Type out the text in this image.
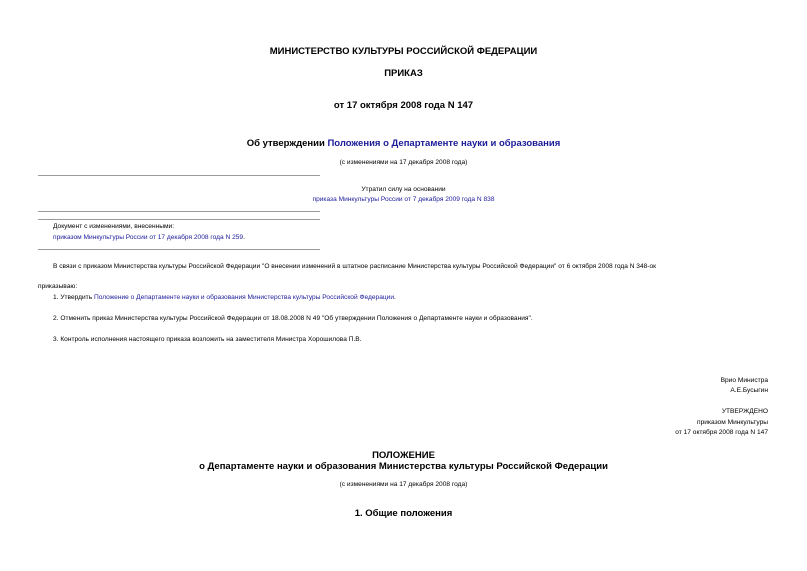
МИНИСТЕРСТВО КУЛЬТУРЫ РОССИЙСКОЙ ФЕДЕРАЦИИ
ПРИКАЗ
от 17 октября 2008 года N 147
Об утверждении Положения о Департаменте науки и образования
(с изменениями на 17 декабря 2008 года)
Утратил силу на основании
приказа Минкультуры России от 7 декабря 2009 года N 838
Документ с изменениями, внесенными:
приказом Минкультуры России от 17 декабря 2008 года N 259.
В связи с приказом Министерства культуры Российской Федерации "О внесении изменений в штатное расписание Министерства культуры Российской Федерации" от 6 октября 2008 года N 348-ок
приказываю:
1. Утвердить Положение о Департаменте науки и образования Министерства культуры Российской Федерации.
2. Отменить приказ Министерства культуры Российской Федерации от 18.08.2008 N 49 "Об утверждении Положения о Департаменте науки и образования".
3. Контроль исполнения настоящего приказа возложить на заместителя Министра Хорошилова П.В.
Врио Министра
А.Е.Бусыгин
УТВЕРЖДЕНО
приказом Минкультуры
от 17 октября 2008 года N 147
ПОЛОЖЕНИЕ
о Департаменте науки и образования Министерства культуры Российской Федерации
(с изменениями на 17 декабря 2008 года)
1. Общие положения
